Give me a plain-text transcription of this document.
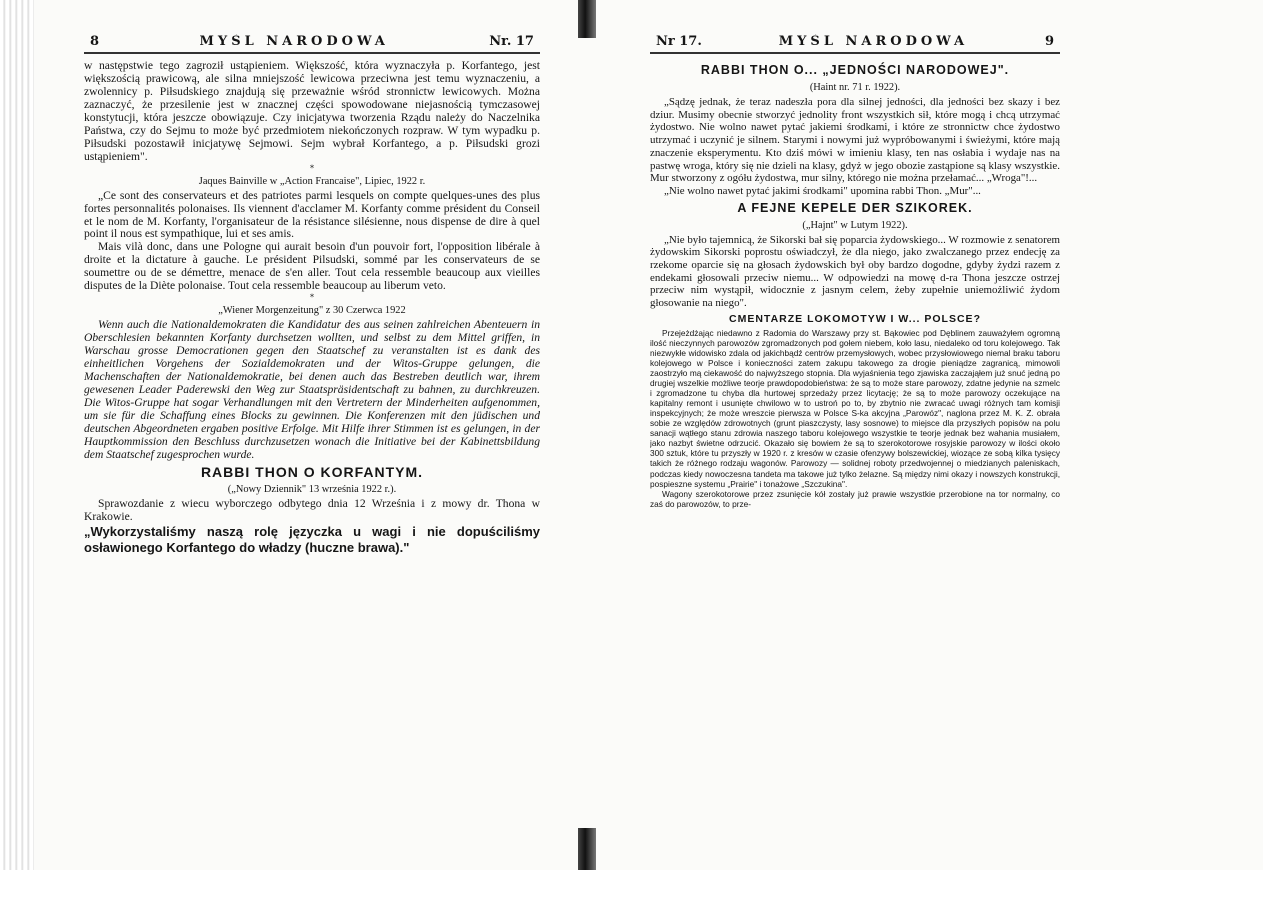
8	MYŚL NARODOWA	Nr. 17

w następstwie tego zagroził ustąpieniem. Większość, która wyznaczyła p. Korfantego, jest większością prawicową, ale silna mniejszość lewicowa przeciwna jest temu wyznaczeniu, a zwolennicy p. Piłsudskiego znajdują się przeważnie wśród stronnictw lewicowych. Można zaznaczyć, że przesilenie jest w znacznej części spowodowane niejasnością tymczasowej konstytucji, która jeszcze obowiązuje. Czy inicjatywa tworzenia Rządu należy do Naczelnika Państwa, czy do Sejmu to może być przedmiotem niekończonych rozpraw. W tym wypadku p. Piłsudski pozostawił inicjatywę Sejmowi. Sejm wybrał Korfantego, a p. Piłsudski grozi ustąpieniem".

*

Jaques Bainville w „Action Francaise", Lipiec, 1922 r.

„Ce sont des conservateurs et des patriotes parmi lesquels on compte quelques-unes des plus fortes personnalités polonaises. Ils viennent d'acclamer M. Korfanty comme président du Conseil et le nom de M. Korfanty, l'organisateur de la résistance silésienne, nous dispense de dire à quel point il nous est sympathique, lui et ses amis.

Mais vilà donc, dans une Pologne qui aurait besoin d'un pouvoir fort, l'opposition libérale à droite et la dictature à gauche. Le président Pilsudski, sommé par les conservateurs de se soumettre ou de se démettre, menace de s'en aller. Tout cela ressemble beaucoup aux vieilles disputes de la Diète polonaise. Tout cela ressemble beaucoup au liberum veto.

*

„Wiener Morgenzeitung" z 30 Czerwca 1922

Wenn auch die Nationaldemokraten die Kandidatur des aus seinen zahlreichen Abenteuern in Oberschlesien bekannten Korfanty durchsetzen wollten, und selbst zu dem Mittel griffen, in Warschau grosse Democrationen gegen den Staatschef zu veranstalten ist es dank des einheitlichen Vorgehens der Sozialdemokraten und der Witos-Gruppe gelungen, die Machenschaften der Nationaldemokratie, bei denen auch das Bestreben deutlich war, ihrem gewesenen Leader Paderewski den Weg zur Staatspräsidentschaft zu bahnen, zu durchkreuzen. Die Witos-Gruppe hat sogar Verhandlungen mit den Vertretern der Minderheiten aufgenommen, um sie für die Schaffung eines Blocks zu gewinnen. Die Konferenzen mit den jüdischen und deutschen Abgeordneten ergaben positive Erfolge. Mit Hilfe ihrer Stimmen ist es gelungen, in der Hauptkommission den Beschluss durchzusetzen wonach die Initiative bei der Kabinettsbildung dem Staatschef zugesprochen wurde.

RABBI THON O KORFANTYM.

(„Nowy Dziennik" 13 września 1922 r.).

Sprawozdanie z wiecu wyborczego odbytego dnia 12 Września i z mowy dr. Thona w Krakowie.

„Wykorzystaliśmy naszą rolę języczka u wagi i nie dopuściliśmy osławionego Korfantego do władzy (huczne brawa)."

Nr 17.	MYŚL NARODOWA	9

RABBI THON O... „JEDNOŚCI NARODOWEJ".

(Haint nr. 71 r. 1922).

„Sądzę jednak, że teraz nadeszła pora dla silnej jedności, dla jedności bez skazy i bez dziur. Musimy obecnie stworzyć jednolity front wszystkich sił, które mogą i chcą utrzymać żydostwo. Nie wolno nawet pytać jakiemi środkami, i które ze stronnictw chce żydostwo utrzymać i uczynić je silnem. Starymi i nowymi już wypróbowanymi i świeżymi, które mają znaczenie eksperymentu. Kto dziś mówi w imieniu klasy, ten nas osłabia i wydaje nas na pastwę wroga, który się nie dzieli na klasy, gdyż w jego obozie zastąpione są klasy wszystkie. Mur stworzony z ogółu żydostwa, mur silny, którego nie można przełamać... „Wroga"!...

„Nie wolno nawet pytać jakimi środkami" upomina rabbi Thon. „Mur"...

A FEJNE KEPELE DER SZIKOREK.

(„Hajnt" w Lutym 1922).

„Nie było tajemnicą, że Sikorski bał się poparcia żydowskiego... W rozmowie z senatorem żydowskim Sikorski poprostu oświadczył, że dla niego, jako zwalczanego przez endecję za rzekome oparcie się na głosach żydowskich był oby bardzo dogodne, gdyby żydzi razem z endekami głosowali przeciw niemu... W odpowiedzi na mowę d-ra Thona jeszcze ostrzej przeciw nim wystąpił, widocznie z jasnym celem, żeby zupełnie uniemożliwić żydom głosowanie na niego".

CMENTARZE LOKOMOTYW I W... POLSCE?

Przejeżdżając niedawno z Radomia do Warszawy przy st. Bąkowiec pod Dęblinem zauważyłem ogromną ilość nieczynnych parowozów zgromadzonych pod gołem niebem, koło lasu, niedaleko od toru kolejowego. Tak niezwykłe widowisko zdala od jakichbądź centrów przemysłowych, wobec przysłowiowego niemal braku taboru kolejowego w Polsce i konieczności zatem zakupu takowego za drogie pieniądze zagranicą, mimowoli zaostrzyło mą ciekawość do najwyższego stopnia. Dla wyjaśnienia tego zjawiska zaczająłem już snuć jedną po drugiej wszelkie możliwe teorje prawdopodobieństwa: że są to może stare parowozy, zdatne jedynie na szmelc i zgromadzone tu chyba dla hurtowej sprzedaży przez licytację; że są to może parowozy oczekujące na kapitalny remont i usunięte chwilowo w to ustroń po to, by zbytnio nie zwracać uwagi różnych tam komisji inspekcyjnych; że może wreszcie pierwsza w Polsce S-ka akcyjna „Parowóz", naglona przez M. K. Z. obrała sobie ze względów zdrowotnych (grunt piaszczysty, lasy sosnowe) to miejsce dla przyszłych popisów na polu sanacji wątłego stanu zdrowia naszego taboru kolejowego wszystkie te teorje jednak bez wahania musiałem, jako nazbyt świetne odrzucić. Okazało się bowiem że są to szerokotorowe rosyjskie parowozy w ilości około 300 sztuk, które tu przyszły w 1920 r. z kresów w czasie ofenzywy bolszewickiej, wiozące ze sobą kilka tysięcy takich że różnego rodzaju wagonów. Parowozy — solidnej roboty przedwojennej o miedzianych paleniskach, podczas kiedy nowoczesna tandeta ma takowe już tylko żelazne. Są między nimi okazy i nowszych konstrukcji, pospieszne systemu „Prairie" i tonażowe „Szczukina".

Wagony szerokotorowe przez zsunięcie kół zostały już prawie wszystkie przerobione na tor normalny, co zaś do parowozów, to prze-
